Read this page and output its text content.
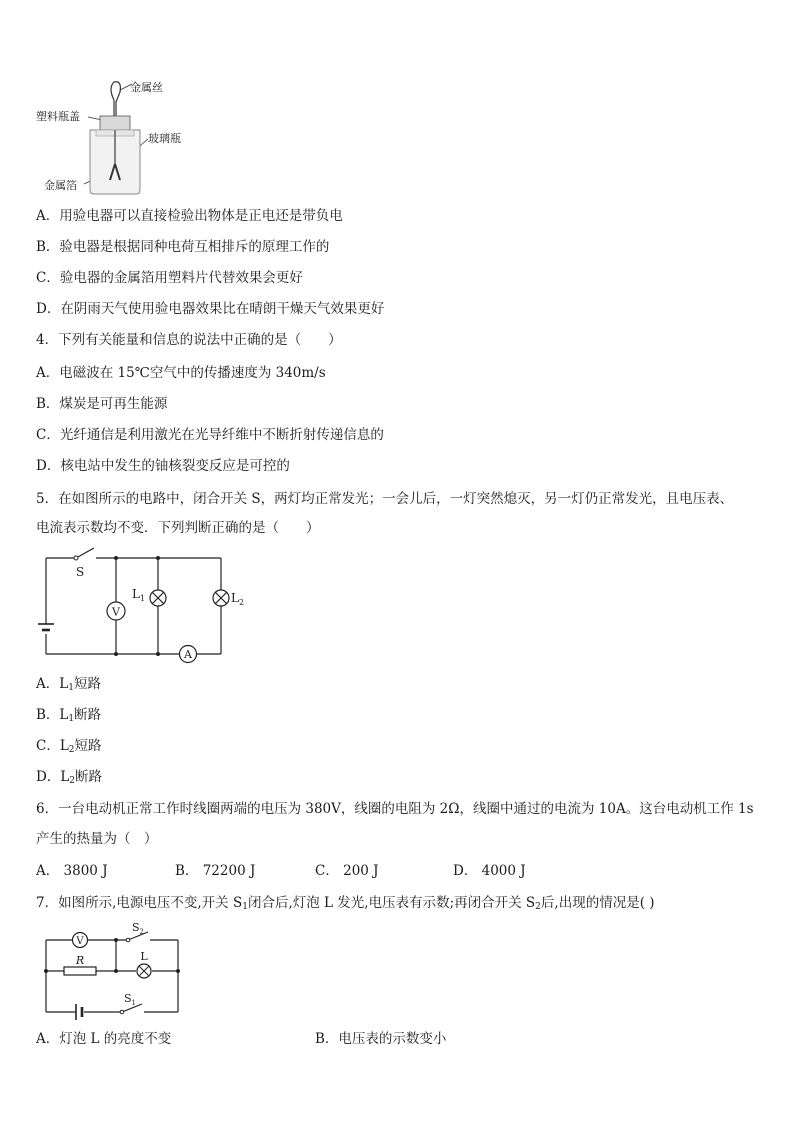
金属丝
塑料瓶盖
玻璃瓶
金属箔
A．用验电器可以直接检验出物体是正电还是带负电
B．验电器是根据同种电荷互相排斥的原理工作的
C．验电器的金属箔用塑料片代替效果会更好
D．在阴雨天气使用验电器效果比在晴朗干燥天气效果更好
4．下列有关能量和信息的说法中正确的是（　　）
A．电磁波在 15℃空气中的传播速度为 340m/s
B．煤炭是可再生能源
C．光纤通信是利用激光在光导纤维中不断折射传递信息的
D．核电站中发生的铀核裂变反应是可控的
5．在如图所示的电路中，闭合开关 S，两灯均正常发光；一会儿后，一灯突然熄灭，另一灯仍正常发光，且电压表、
电流表示数均不变．下列判断正确的是（　　）
V
A
S
$L_1$	$L_2$
A．$L_1$短路
B．$L_1$断路
C．$L_2$短路
D．$L_2$断路
6．一台电动机正常工作时线圈两端的电压为 380V，线圈的电阻为 2Ω，线圈中通过的电流为 10A。这台电动机工作 1s
产生的热量为（　）
A． 3800 J	B． 72200 J	C． 200 J	D． 4000 J
7．如图所示,电源电压不变,开关 $S_1$闭合后,灯泡 L 发光,电压表有示数;再闭合开关 $S_2$后,出现的情况是( )
V
R	L
$S_2$
$S_1$
A．灯泡 L 的亮度不变	B．电压表的示数变小
